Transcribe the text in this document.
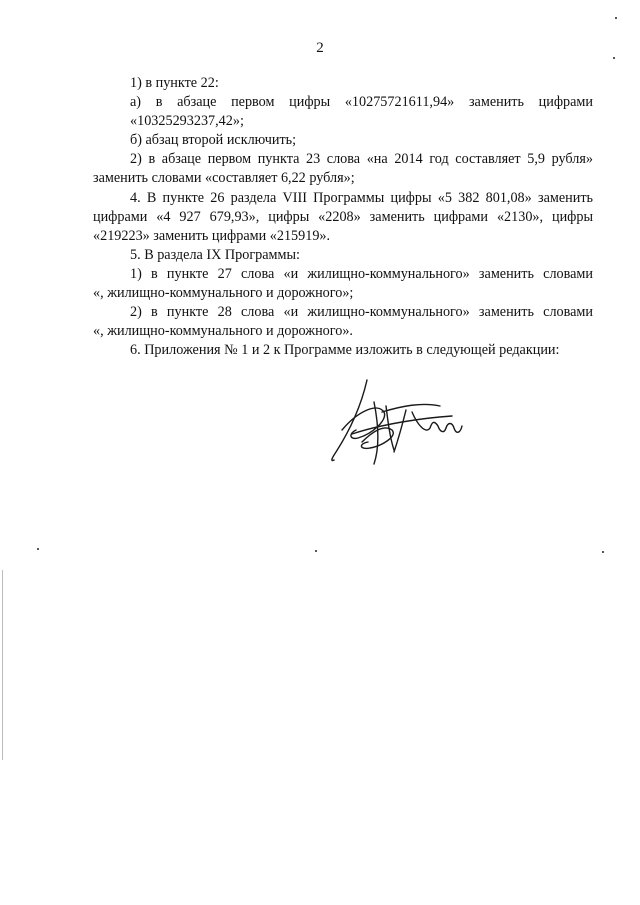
2

1) в пункте 22:

а) в абзаце первом цифры «10275721611,94» заменить цифрами

«10325293237,42»;

б) абзац второй исключить;

2) в абзаце первом пункта 23 слова «на 2014 год составляет 5,9 рубля»

заменить словами «составляет 6,22 рубля»;

4. В пункте 26 раздела VIII Программы цифры «5 382 801,08» заменить

цифрами «4 927 679,93», цифры «2208» заменить цифрами «2130», цифры

«219223» заменить цифрами «215919».

5. В раздела IX Программы:

1) в пункте 27 слова «и жилищно-коммунального» заменить словами

«, жилищно-коммунального и дорожного»;

2) в пункте 28 слова «и жилищно-коммунального» заменить словами

«, жилищно-коммунального и дорожного».

6. Приложения № 1 и 2 к Программе изложить в следующей редакции:
